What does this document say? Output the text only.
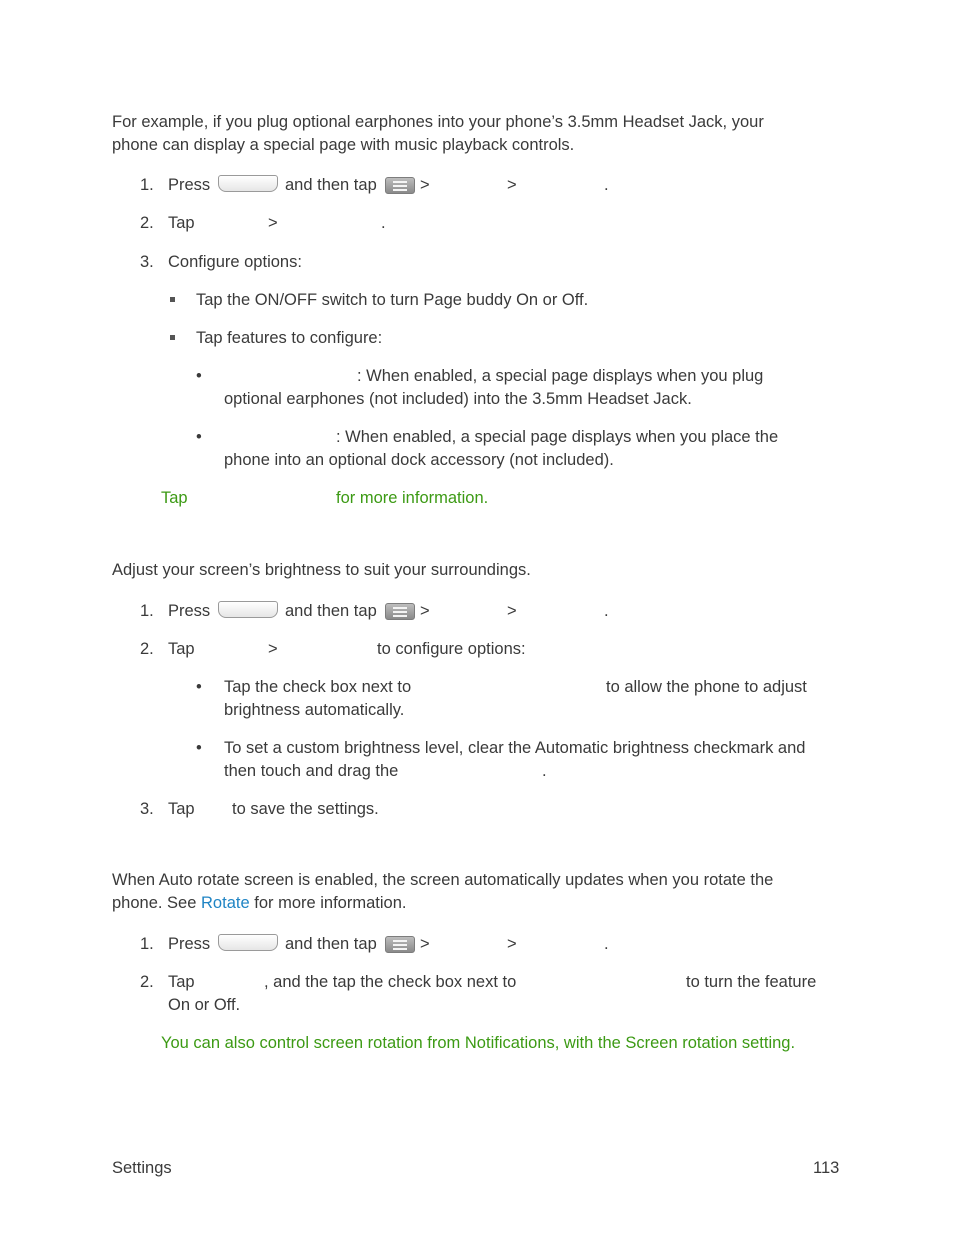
For example, if you plug optional earphones into your phone’s 3.5mm Headset Jack, your
phone can display a special page with music playback controls.
1. Press	and then tap	>	>	.
2. Tap	>	.
3. Configure options:
Tap the ON/OFF switch to turn Page buddy On or Off.
Tap features to configure:
•	: When enabled, a special page displays when you plug
optional earphones (not included) into the 3.5mm Headset Jack.
•	: When enabled, a special page displays when you place the
phone into an optional dock accessory (not included).
Tap	for more information.
Adjust your screen’s brightness to suit your surroundings.
1. Press	and then tap	>	>	.
2. Tap	>	to configure options:
• Tap the check box next to	to allow the phone to adjust
brightness automatically.
• To set a custom brightness level, clear the Automatic brightness checkmark and
then touch and drag the	.
3. Tap to save the settings.
When Auto rotate screen is enabled, the screen automatically updates when you rotate the
phone. See Rotate for more information.
1. Press	and then tap	>	>	.
2. Tap	, and the tap the check box next to	to turn the feature
On or Off.
You can also control screen rotation from Notifications, with the Screen rotation setting.
Settings	113
